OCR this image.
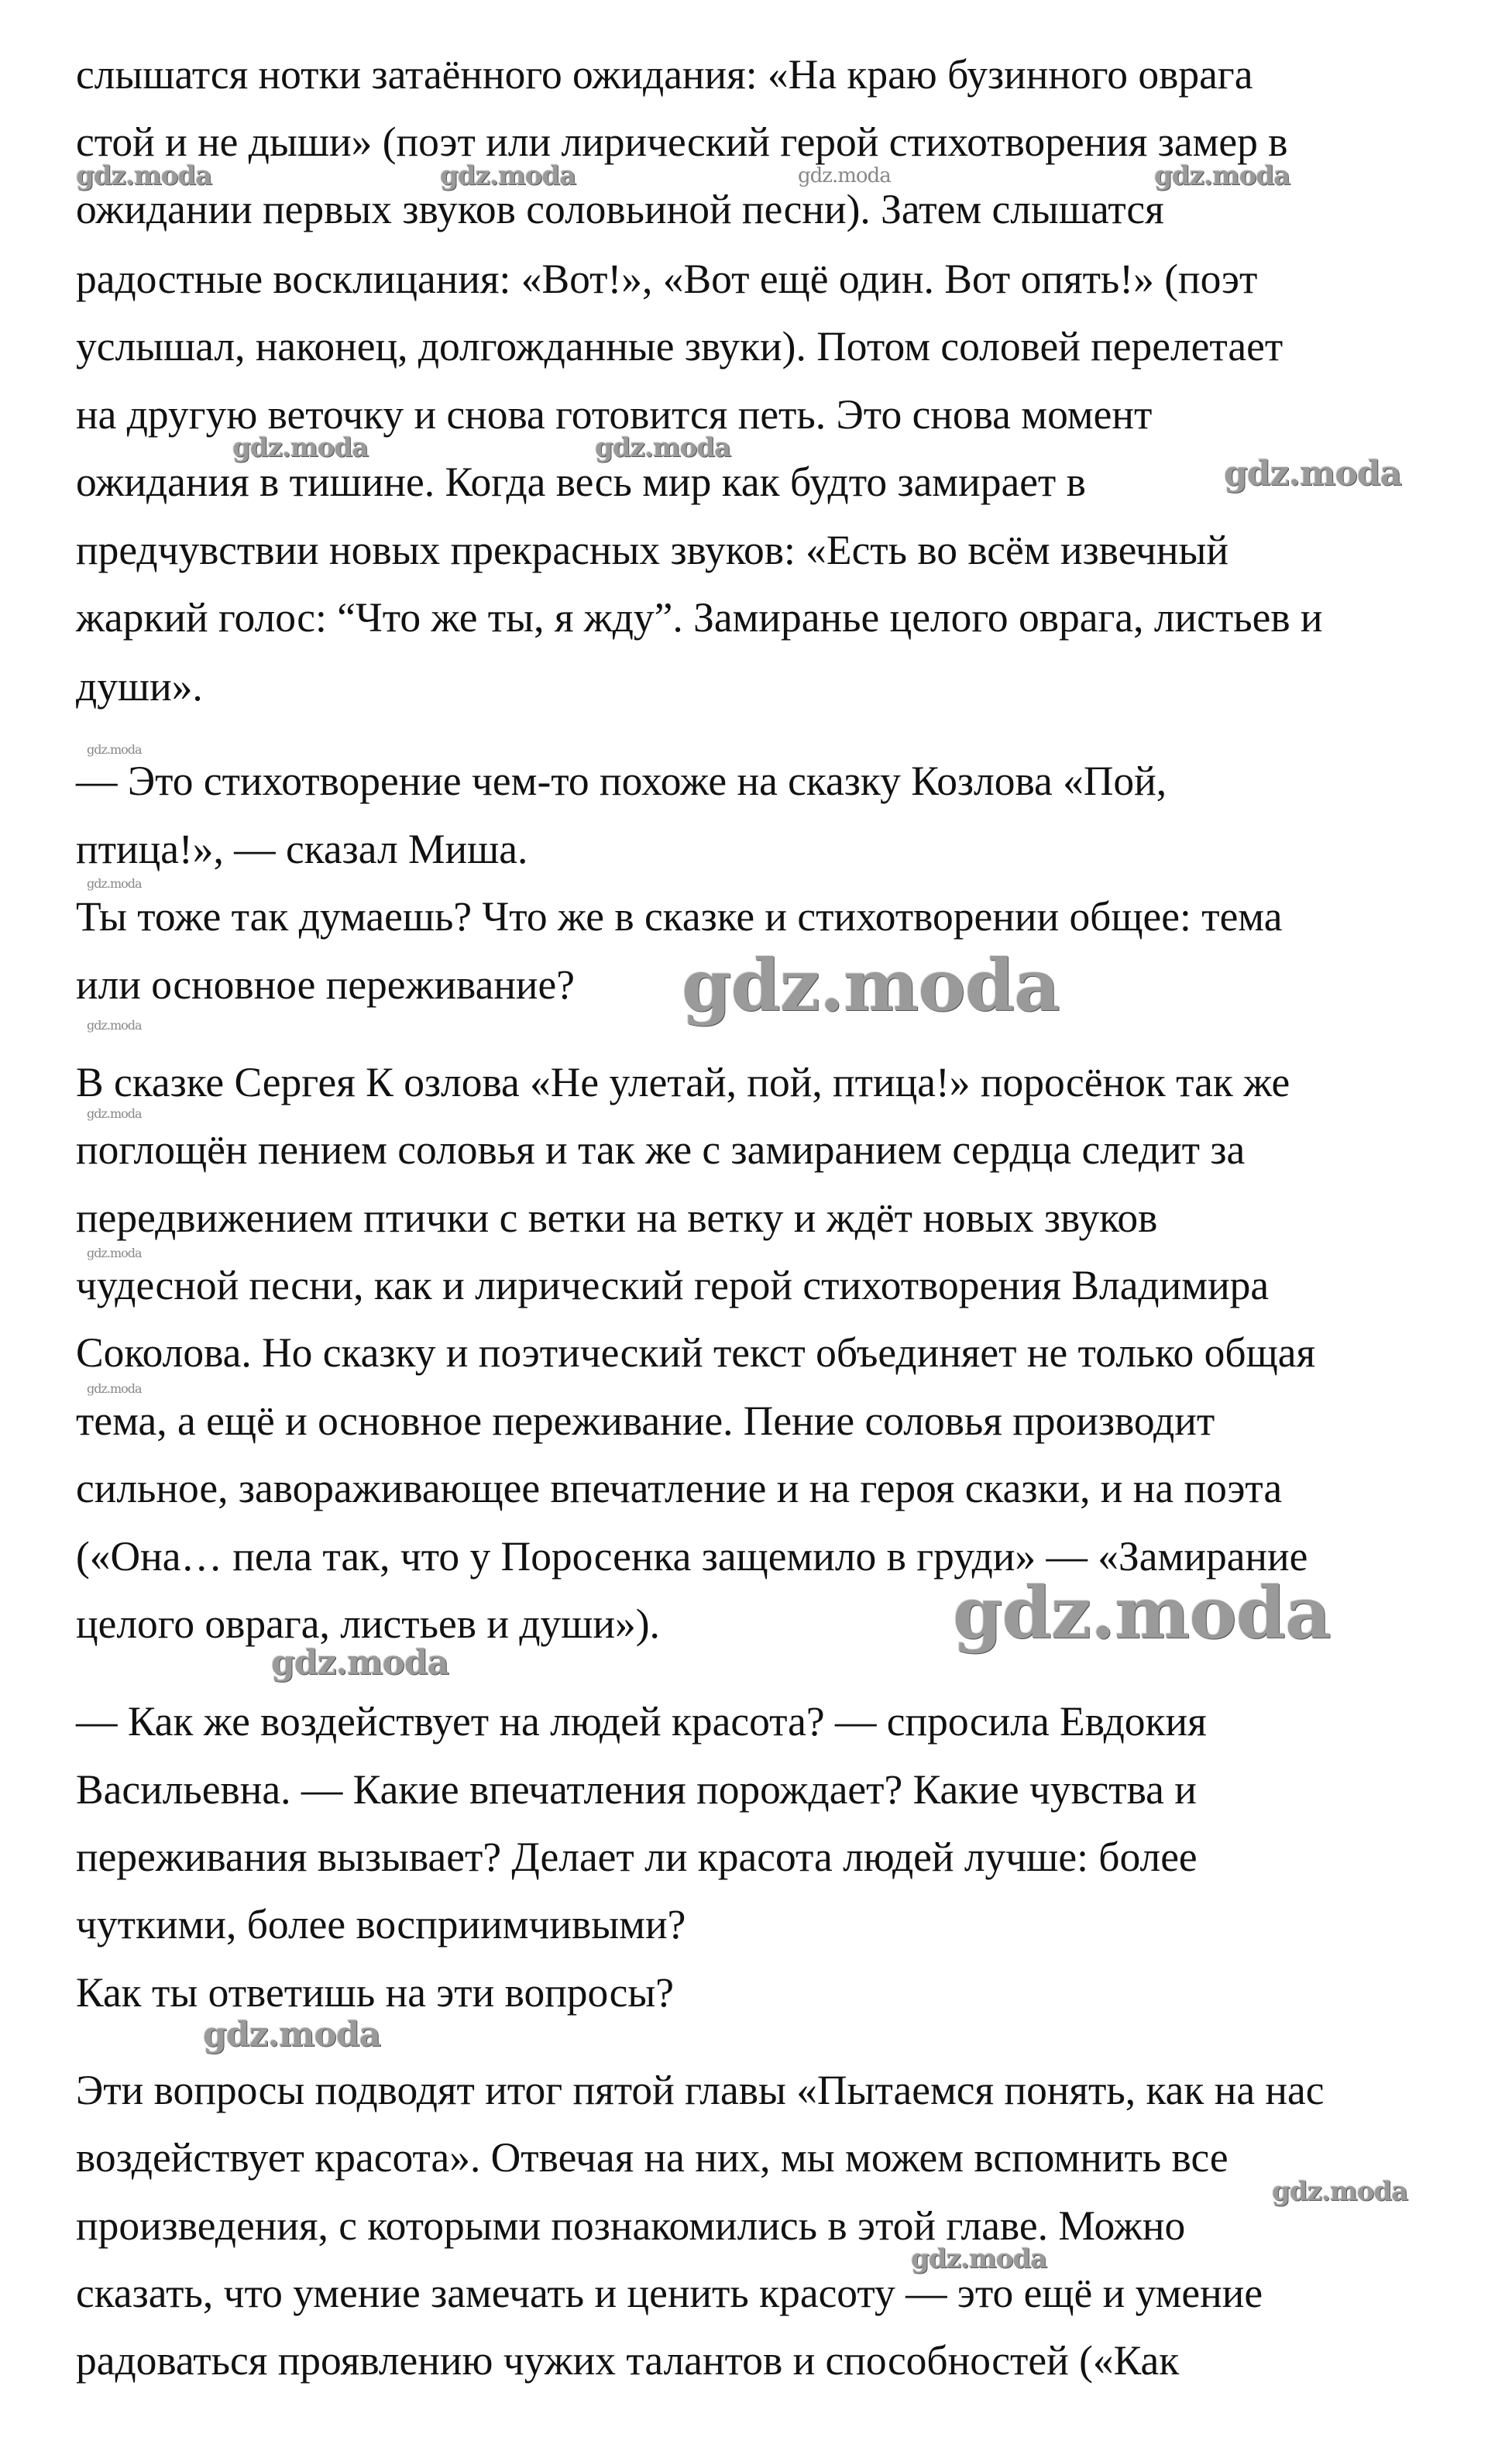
слышатся нотки затаённого ожидания: «На краю бузинного оврага
стой и не дыши» (поэт или лирический герой стихотворения замер в
ожидании первых звуков соловьиной песни). Затем слышатся
радостные восклицания: «Вот!», «Вот ещё один. Вот опять!» (поэт
услышал, наконец, долгожданные звуки). Потом соловей перелетает
на другую веточку и снова готовится петь. Это снова момент
ожидания в тишине. Когда весь мир как будто замирает в
предчувствии новых прекрасных звуков: «Есть во всём извечный
жаркий голос: “Что же ты, я жду”. Замиранье целого оврага, листьев и
души».
— Это стихотворение чем-то похоже на сказку Козлова «Пой,
птица!», — сказал Миша.
Ты тоже так думаешь? Что же в сказке и стихотворении общее: тема
или основное переживание?
В сказке Сергея К озлова «Не улетай, пой, птица!» поросёнок так же
поглощён пением соловья и так же с замиранием сердца следит за
передвижением птички с ветки на ветку и ждёт новых звуков
чудесной песни, как и лирический герой стихотворения Владимира
Соколова. Но сказку и поэтический текст объединяет не только общая
тема, а ещё и основное переживание. Пение соловья производит
сильное, завораживающее впечатление и на героя сказки, и на поэта
(«Она… пела так, что у Поросенка защемило в груди» — «Замирание
целого оврага, листьев и души»).
— Как же воздействует на людей красота? — спросила Евдокия
Васильевна. — Какие впечатления порождает? Какие чувства и
переживания вызывает? Делает ли красота людей лучше: более
чуткими, более восприимчивыми?
Как ты ответишь на эти вопросы?
Эти вопросы подводят итог пятой главы «Пытаемся понять, как на нас
воздействует красота». Отвечая на них, мы можем вспомнить все
произведения, с которыми познакомились в этой главе. Можно
сказать, что умение замечать и ценить красоту — это ещё и умение
радоваться проявлению чужих талантов и способностей («Как
gdz.moda	gdz.moda	gdz.moda	gdz.moda
gdz.moda	gdz.moda
gdz.moda
gdz.moda
gdz.moda
gdz.moda
gdz.moda
gdz.moda
gdz.moda
gdz.moda
gdz.moda
gdz.moda
gdz.moda
gdz.moda
gdz.moda
